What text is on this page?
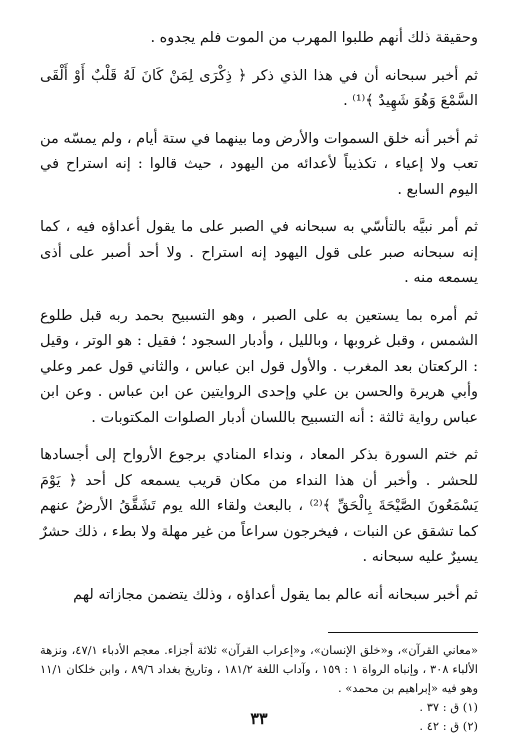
وحقيقة ذلك أنهم طلبوا المهرب من الموت فلم يجدوه .

ثم أخبر سبحانه أن في هذا الذي ذكر ﴿ ذِكْرَى لِمَنْ كَانَ لَهُ قَلْبٌ أَوْ أَلْقَى السَّمْعَ وَهُوَ شَهِيدٌ ﴾⁽¹⁾ .

ثم أخبر أنه خلق السموات والأرض وما بينهما في ستة أيام ، ولم يمسّه من تعب ولا إعياء ، تكذيباً لأعدائه من اليهود ، حيث قالوا : إنه استراح في اليوم السابع .

ثم أمر نبيَّه بالتأسّي به سبحانه في الصبر على ما يقول أعداؤه فيه ، كما إنه سبحانه صبر على قول اليهود إنه استراح . ولا أحد أصبر على أذى يسمعه منه .

ثم أمره بما يستعين به على الصبر ، وهو التسبيح بحمد ربه قبل طلوع الشمس ، وقبل غروبها ، وبالليل ، وأدبار السجود ؛ فقيل : هو الوتر ، وقيل : الركعتان بعد المغرب . والأول قول ابن عباس ، والثاني قول عمر وعلي وأبي هريرة والحسن بن علي وإحدى الروايتين عن ابن عباس . وعن ابن عباس رواية ثالثة : أنه التسبيح باللسان أدبار الصلوات المكتوبات .

ثم ختم السورة بذكر المعاد ، ونداء المنادي برجوع الأرواح إلى أجسادها للحشر . وأخبر أن هذا النداء من مكان قريب يسمعه كل أحد ﴿ يَوْمَ يَسْمَعُونَ الصَّيْحَةَ بِالْحَقِّ ﴾⁽²⁾ ، بالبعث ولقاء الله يوم تَشَقَّقُ الأرضُ عنهم كما تشقق عن النبات ، فيخرجون سراعاً من غير مهلة ولا بطء ، ذلك حشرٌ يسيرٌ عليه سبحانه .

ثم أخبر سبحانه أنه عالم بما يقول أعداؤه ، وذلك يتضمن مجازاته لهم

«معاني القرآن»، و«خلق الإنسان»، و«إعراب القرآن» ثلاثة أجزاء. معجم الأدباء ٤٧/١، ونزهة الألباء ٣٠٨ ، وإنباه الرواة ١ : ١٥٩ ، وآداب اللغة ١٨١/٢ ، وتاريخ بغداد ٨٩/٦ ، وابن خلكان ١١/١ وهو فيه «إبراهيم بن محمد» .

(١) ق : ٣٧ .

(٢) ق : ٤٢ .

٣٣
